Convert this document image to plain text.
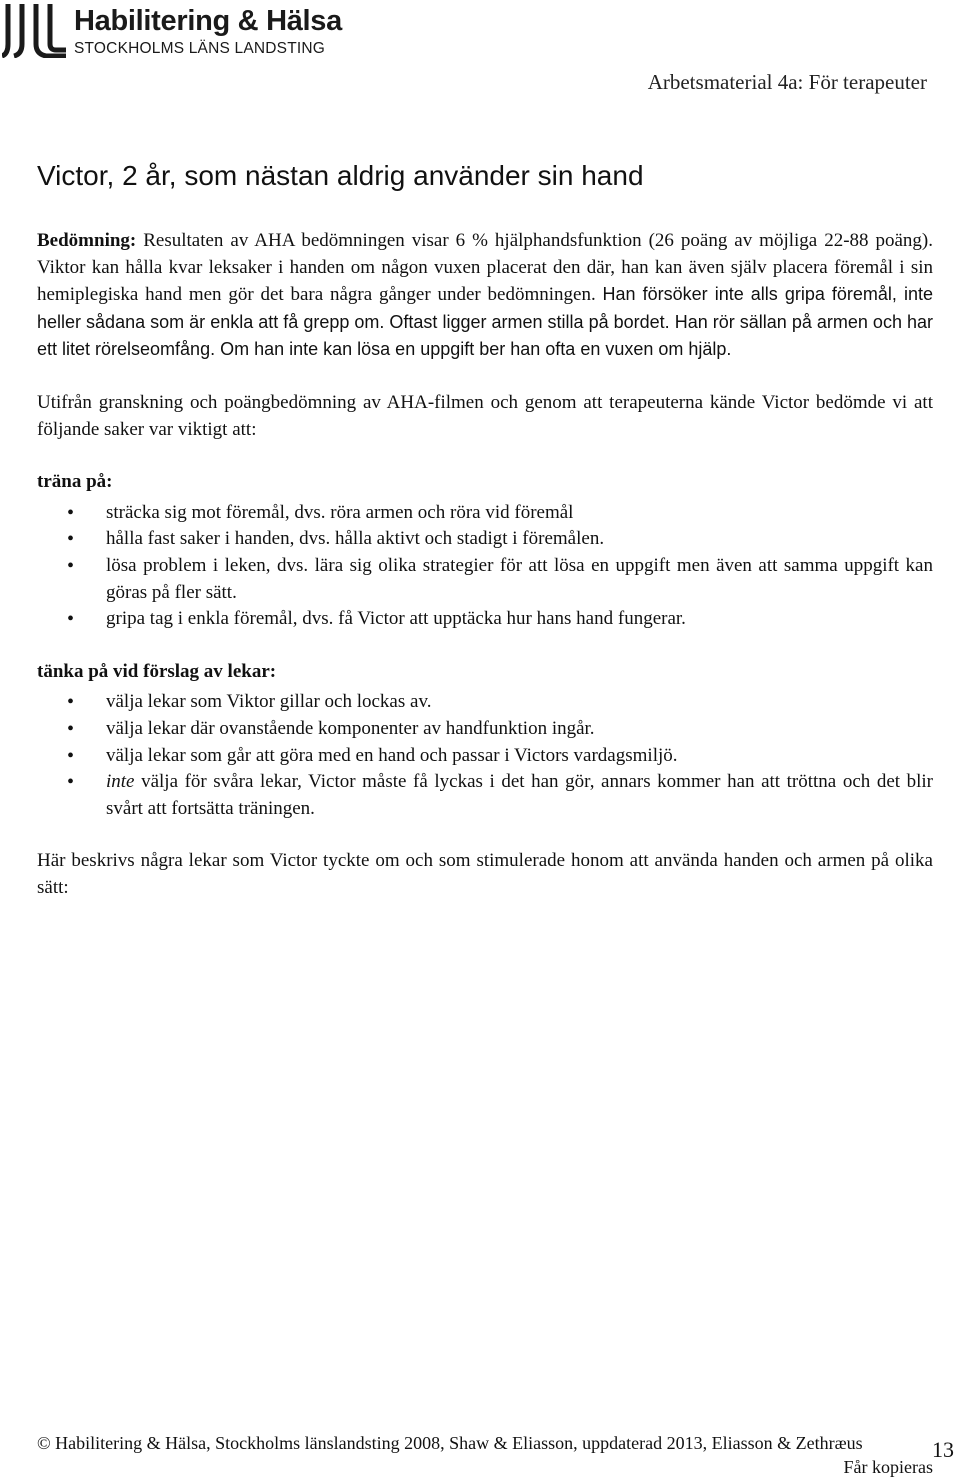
Habilitering & Hälsa
STOCKHOLMS LÄNS LANDSTING
Arbetsmaterial 4a: För terapeuter
Victor, 2 år, som nästan aldrig använder sin hand

Bedömning: Resultaten av AHA bedömningen visar 6 % hjälphandsfunktion (26 poäng av möjliga 22-88 poäng). Viktor kan hålla kvar leksaker i handen om någon vuxen placerat den där, han kan även själv placera föremål i sin hemiplegiska hand men gör det bara några gånger under bedömningen. Han försöker inte alls gripa föremål, inte heller sådana som är enkla att få grepp om. Oftast ligger armen stilla på bordet. Han rör sällan på armen och har ett litet rörelseomfång. Om han inte kan lösa en uppgift ber han ofta en vuxen om hjälp.

Utifrån granskning och poängbedömning av AHA-filmen och genom att terapeuterna kände Victor bedömde vi att följande saker var viktigt att:

träna på:
• sträcka sig mot föremål, dvs. röra armen och röra vid föremål
• hålla fast saker i handen, dvs. hålla aktivt och stadigt i föremålen.
• lösa problem i leken, dvs. lära sig olika strategier för att lösa en uppgift men även att samma uppgift kan göras på fler sätt.
• gripa tag i enkla föremål, dvs. få Victor att upptäcka hur hans hand fungerar.
tänka på vid förslag av lekar:
• välja lekar som Viktor gillar och lockas av.
• välja lekar där ovanstående komponenter av handfunktion ingår.
• välja lekar som går att göra med en hand och passar i Victors vardagsmiljö.
• inte välja för svåra lekar, Victor måste få lyckas i det han gör, annars kommer han att tröttna och det blir svårt att fortsätta träningen.

Här beskrivs några lekar som Victor tyckte om och som stimulerade honom att använda handen och armen på olika sätt:

© Habilitering & Hälsa, Stockholms länslandsting 2008, Shaw & Eliasson, uppdaterad 2013, Eliasson & Zethræus
Får kopieras
13
